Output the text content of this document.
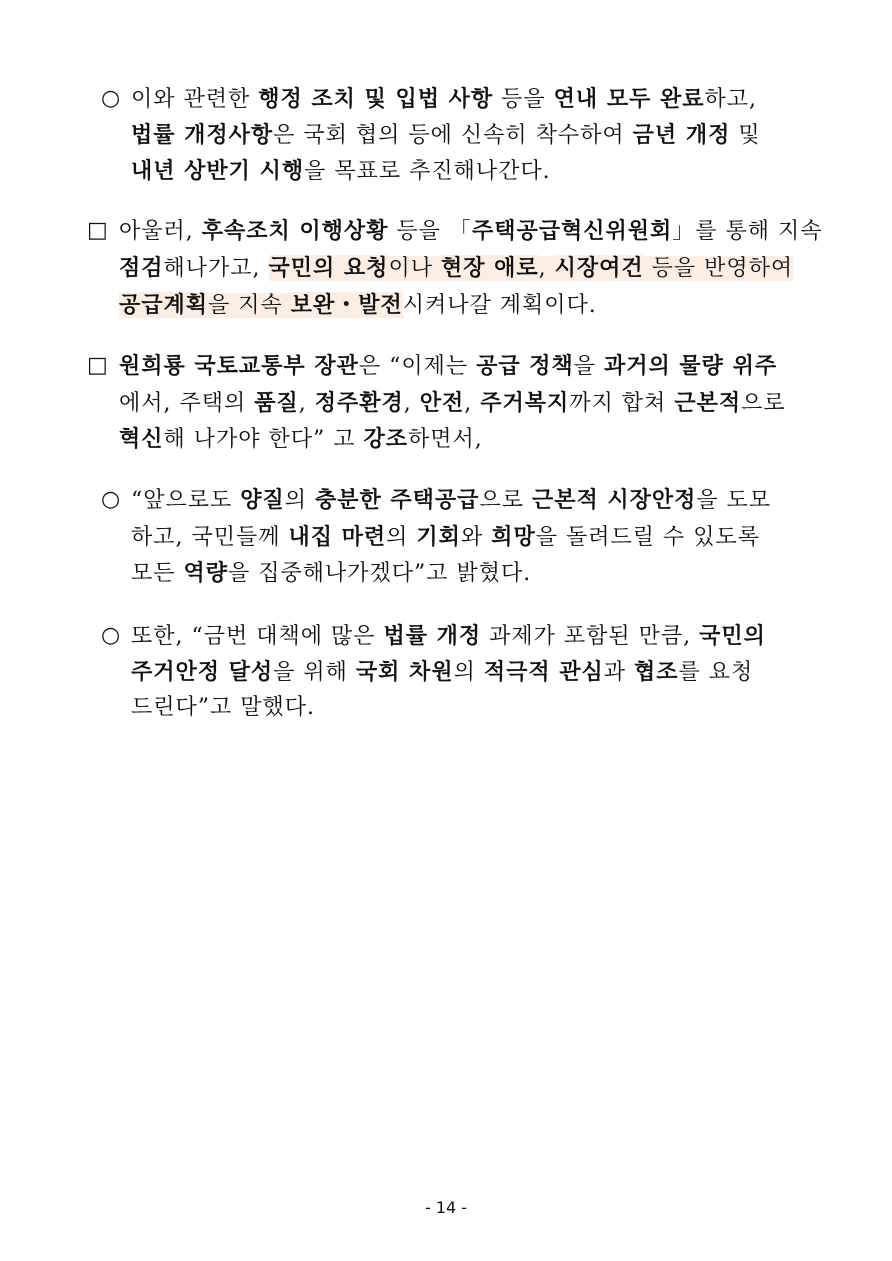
○ 이와 관련한 행정 조치 및 입법 사항 등을 연내 모두 완료하고,
법률 개정사항은 국회 협의 등에 신속히 착수하여 금년 개정 및
내년 상반기 시행을 목표로 추진해나간다.
□ 아울러, 후속조치 이행상황 등을 「주택공급혁신위원회」를 통해 지속
점검해나가고, 국민의 요청이나 현장 애로, 시장여건 등을 반영하여
공급계획을 지속 보완・발전시켜나갈 계획이다.
□ 원희룡 국토교통부 장관은 “이제는 공급 정책을 과거의 물량 위주
에서, 주택의 품질, 정주환경, 안전, 주거복지까지 합쳐 근본적으로
혁신해 나가야 한다” 고 강조하면서,
○ “앞으로도 양질의 충분한 주택공급으로 근본적 시장안정을 도모
하고, 국민들께 내집 마련의 기회와 희망을 돌려드릴 수 있도록
모든 역량을 집중해나가겠다”고 밝혔다.
○ 또한, “금번 대책에 많은 법률 개정 과제가 포함된 만큼, 국민의
주거안정 달성을 위해 국회 차원의 적극적 관심과 협조를 요청
드린다”고 말했다.
- 14 -
